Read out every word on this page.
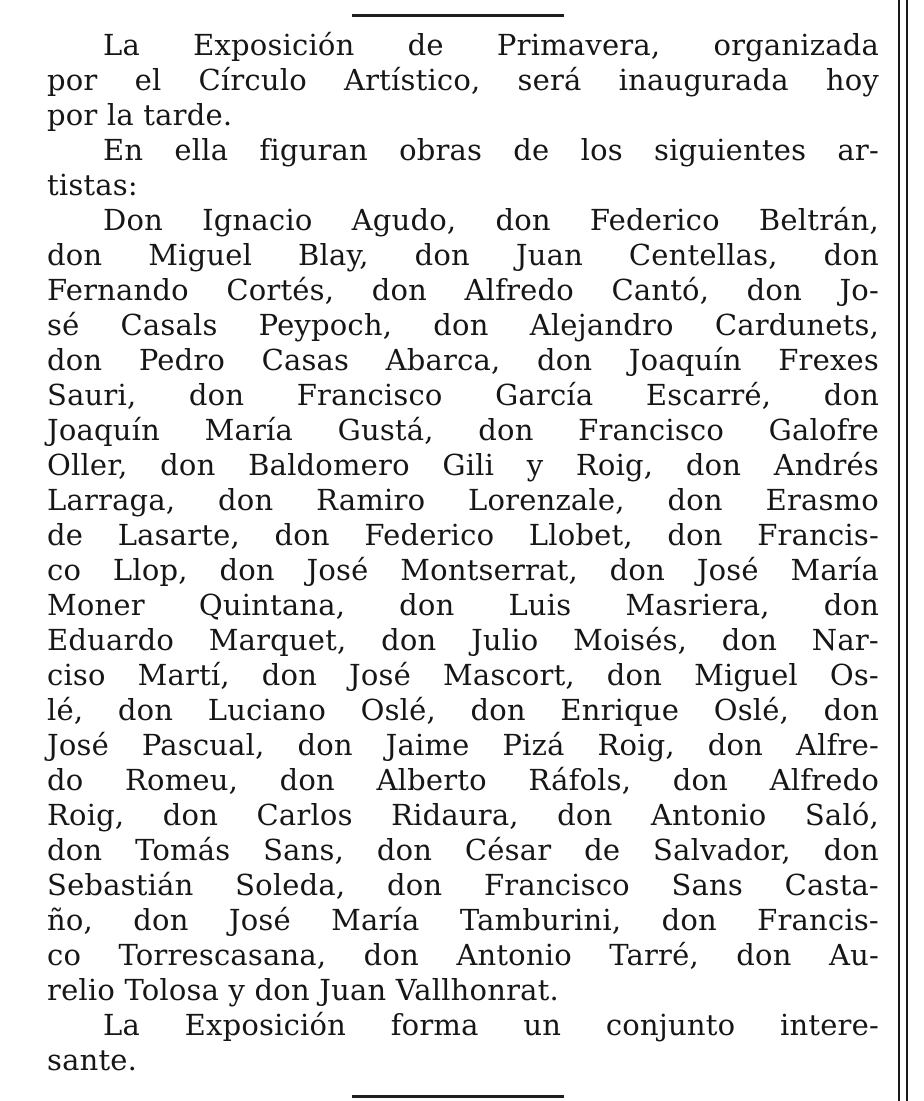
La Exposición de Primavera, organizada
por el Círculo Artístico, será inaugurada hoy
por la tarde.
En ella figuran obras de los siguientes ar-
tistas:
Don Ignacio Agudo, don Federico Beltrán,
don Miguel Blay, don Juan Centellas, don
Fernando Cortés, don Alfredo Cantó, don Jo-
sé Casals Peypoch, don Alejandro Cardunets,
don Pedro Casas Abarca, don Joaquín Frexes
Sauri, don Francisco García Escarré, don
Joaquín María Gustá, don Francisco Galofre
Oller, don Baldomero Gili y Roig, don Andrés
Larraga, don Ramiro Lorenzale, don Erasmo
de Lasarte, don Federico Llobet, don Francis-
co Llop, don José Montserrat, don José María
Moner Quintana, don Luis Masriera, don
Eduardo Marquet, don Julio Moisés, don Nar-
ciso Martí, don José Mascort, don Miguel Os-
lé, don Luciano Oslé, don Enrique Oslé, don
José Pascual, don Jaime Pizá Roig, don Alfre-
do Romeu, don Alberto Ráfols, don Alfredo
Roig, don Carlos Ridaura, don Antonio Saló,
don Tomás Sans, don César de Salvador, don
Sebastián Soleda, don Francisco Sans Casta-
ño, don José María Tamburini, don Francis-
co Torrescasana, don Antonio Tarré, don Au-
relio Tolosa y don Juan Vallhonrat.
La Exposición forma un conjunto intere-
sante.
